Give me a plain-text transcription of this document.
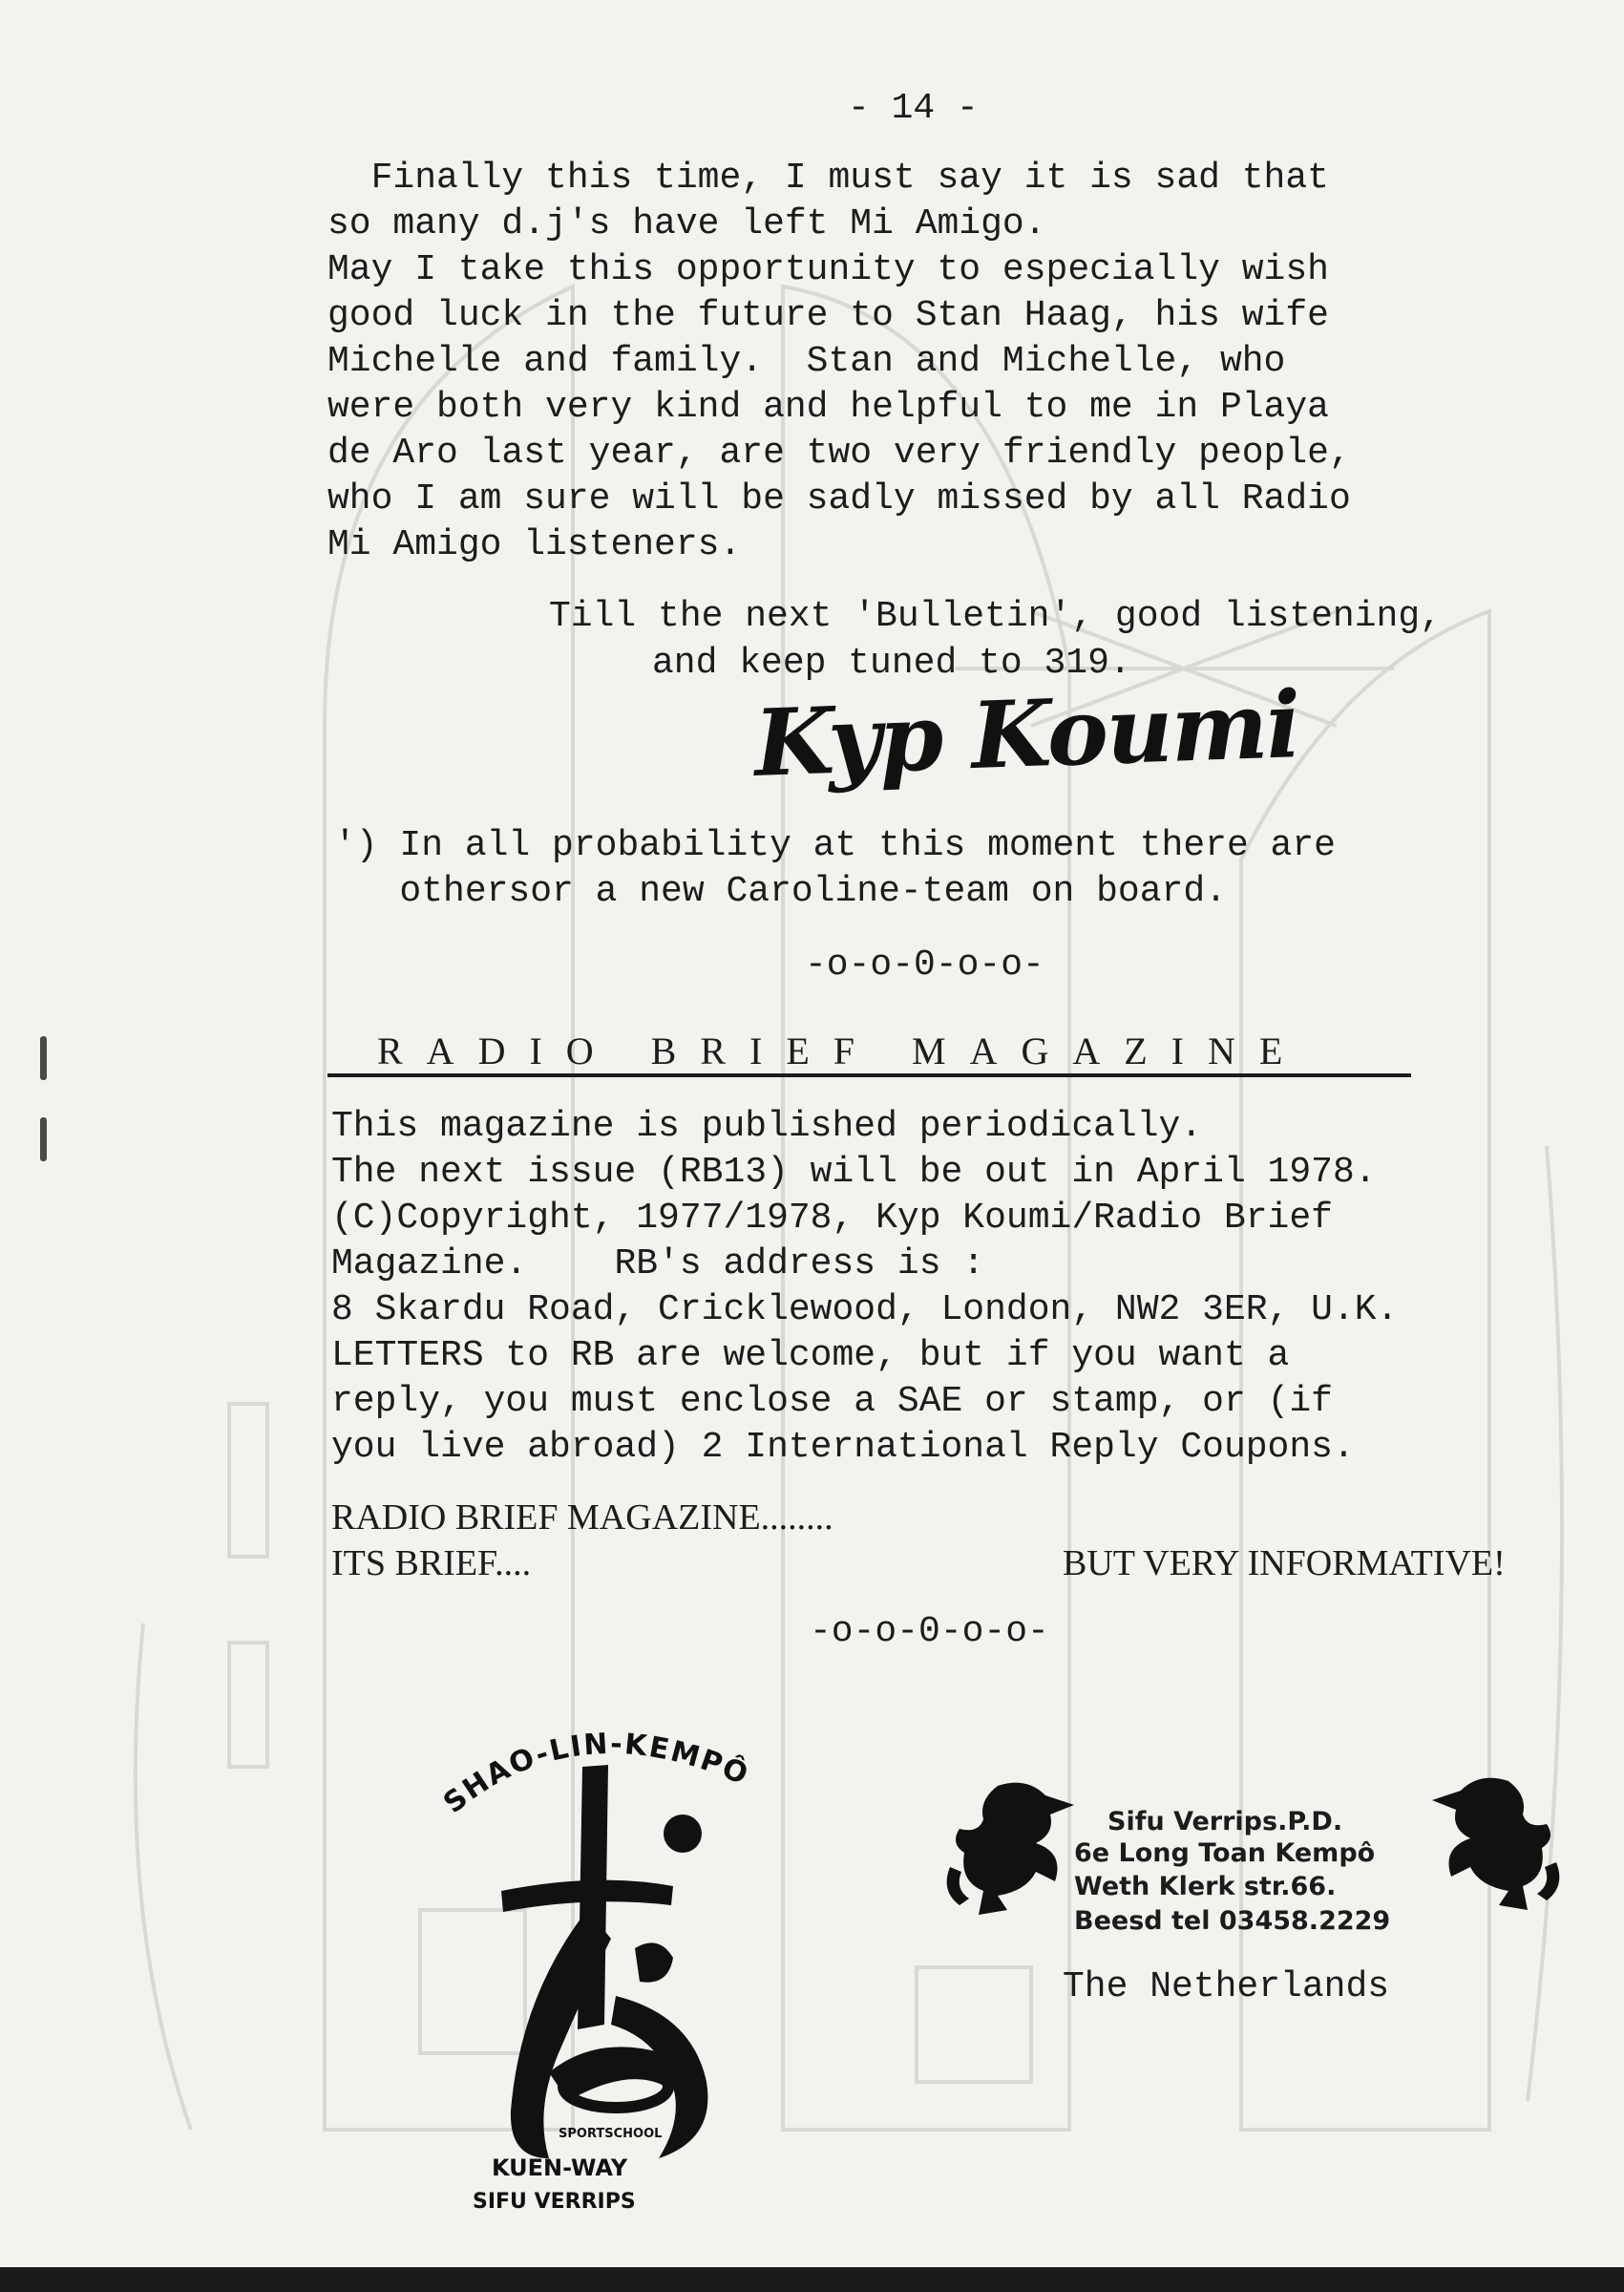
- 14 -
Finally this time, I must say it is sad that
so many d.j's have left Mi Amigo.
May I take this opportunity to especially wish
good luck in the future to Stan Haag, his wife
Michelle and family.  Stan and Michelle, who
were both very kind and helpful to me in Playa
de Aro last year, are two very friendly people,
who I am sure will be sadly missed by all Radio
Mi Amigo listeners.
Till the next 'Bulletin', good listening,
and keep tuned to 319.
Kyp Koumi
') In all probability at this moment there are
othersor a new Caroline-team on board.
-o-o-0-o-o-
RADIO BRIEF MAGAZINE
This magazine is published periodically.
The next issue (RB13) will be out in April 1978.
(C)Copyright, 1977/1978, Kyp Koumi/Radio Brief
Magazine.    RB's address is :
8 Skardu Road, Cricklewood, London, NW2 3ER, U.K.
LETTERS to RB are welcome, but if you want a
reply, you must enclose a SAE or stamp, or (if
you live abroad) 2 International Reply Coupons.
RADIO BRIEF MAGAZINE........
ITS BRIEF....	BUT VERY INFORMATIVE!
-o-o-0-o-o-
HAO-LIN-KEMPÔ
SPORTSCHOOL
KUEN-WAY
SIFU VERRIPS
Sifu Verrips.P.D.
6e Long Toan Kempô
Weth Klerk str.66.
Beesd tel 03458.2229
The Netherlands
